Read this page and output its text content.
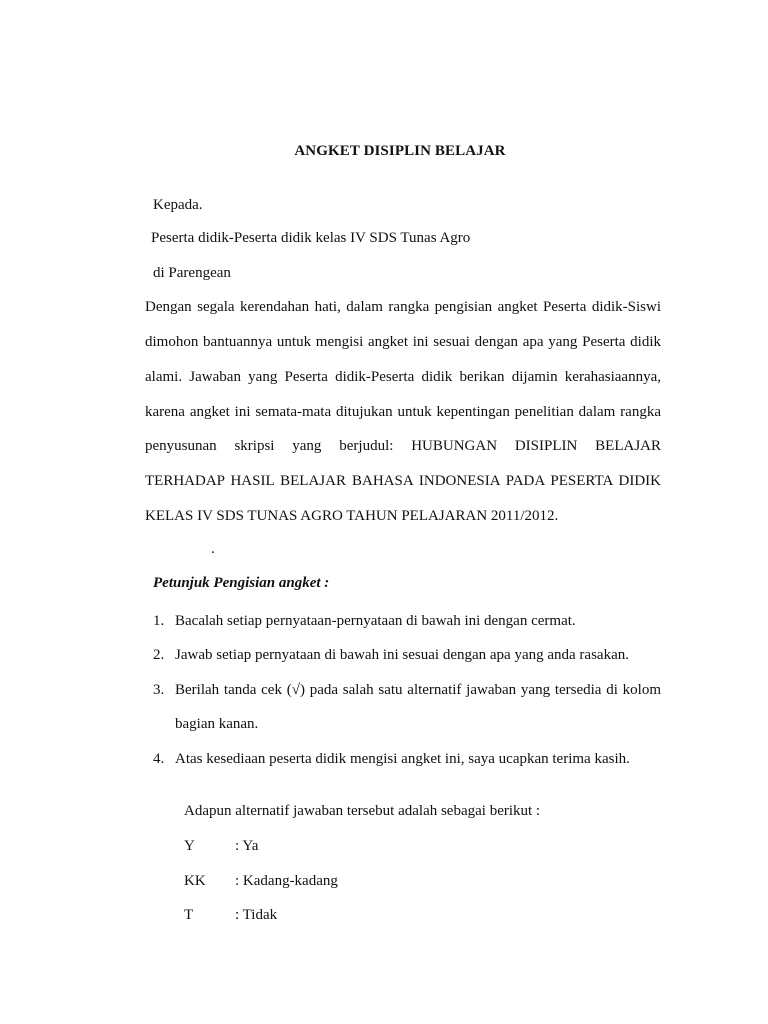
ANGKET DISIPLIN BELAJAR
Kepada.
Peserta didik-Peserta didik kelas IV SDS Tunas Agro
di Parengean
Dengan segala kerendahan hati, dalam rangka pengisian angket Peserta didik-Siswi
dimohon bantuannya untuk mengisi angket ini sesuai dengan apa yang Peserta didik
alami. Jawaban yang Peserta didik-Peserta didik berikan dijamin kerahasiaannya,
karena angket ini semata-mata ditujukan untuk kepentingan penelitian dalam rangka
penyusunan skripsi yang berjudul: HUBUNGAN DISIPLIN BELAJAR
TERHADAP HASIL BELAJAR BAHASA INDONESIA PADA PESERTA DIDIK
KELAS IV SDS TUNAS AGRO TAHUN PELAJARAN 2011/2012.
.
Petunjuk Pengisian angket :
1. Bacalah setiap pernyataan-pernyataan di bawah ini dengan cermat.
2. Jawab setiap pernyataan di bawah ini sesuai dengan apa yang anda rasakan.
3. Berilah tanda cek (√) pada salah satu alternatif jawaban yang tersedia di kolom
bagian kanan.
4. Atas kesediaan peserta didik mengisi angket ini, saya ucapkan terima kasih.
Adapun alternatif jawaban tersebut adalah sebagai berikut :
Y	: Ya
KK : Kadang-kadang
T	: Tidak
